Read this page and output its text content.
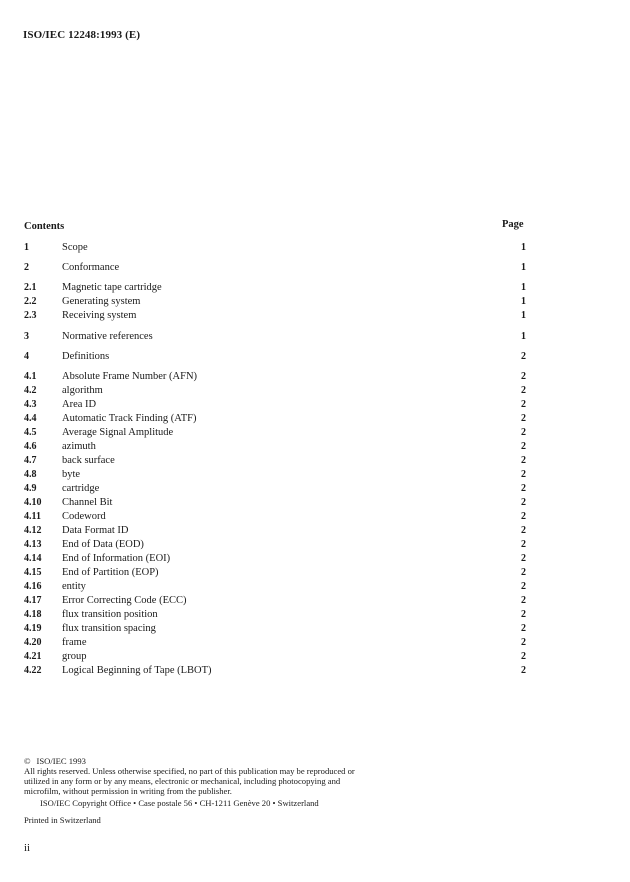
ISO/IEC 12248:1993 (E)
Contents	Page
1	Scope	1
2	Conformance	1
2.1 Magnetic tape cartridge	1
2.2 Generating system	1
2.3 Receiving system	1
3	Normative references	1
4	Definitions	2
4.1 Absolute Frame Number (AFN)	2
4.2 algorithm	2
4.3 Area ID	2
4.4 Automatic Track Finding (ATF)	2
4.5 Average Signal Amplitude	2
4.6 azimuth	2
4.7 back surface	2
4.8 byte	2
4.9 cartridge	2
4.10 Channel Bit	2
4.11 Codeword	2
4.12 Data Format ID	2
4.13 End of Data (EOD)	2
4.14 End of Information (EOI)	2
4.15 End of Partition (EOP)	2
4.16 entity	2
4.17 Error Correcting Code (ECC)	2
4.18 flux transition position	2
4.19 flux transition spacing	2
4.20 frame	2
4.21 group	2
4.22 Logical Beginning of Tape (LBOT)	2

© ISO/IEC 1993

All rights reserved. Unless otherwise specified, no part of this publication may be reproduced or utilized in any form or by any means, electronic or mechanical, including photocopying and microfilm, without permission in writing from the publisher.

ISO/IEC Copyright Office • Case postale 56 • CH-1211 Genève 20 • Switzerland
Printed in Switzerland
ii
